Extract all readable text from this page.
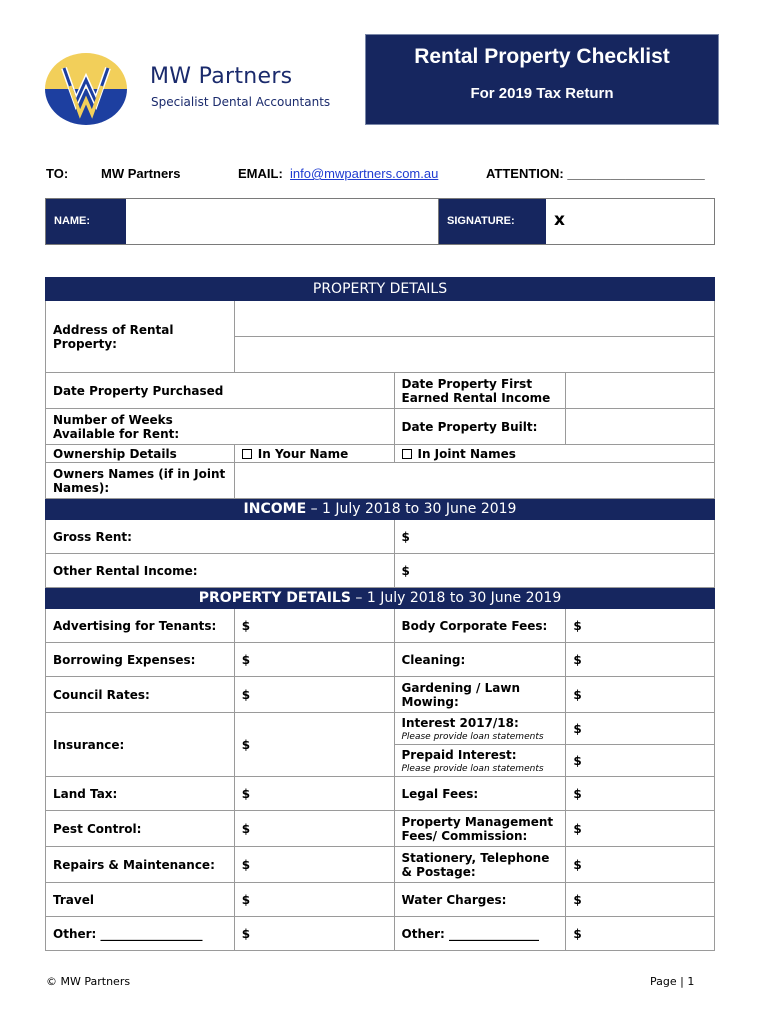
MW Partners
Specialist Dental Accountants
Rental Property Checklist
For 2019 Tax Return
TO:	MW Partners	EMAIL: info@mwpartners.com.au	ATTENTION: ___________________
NAME:	SIGNATURE:	x
PROPERTY DETAILS			
Address of Rental Property:			

Date Property Purchased		Date Property First Earned Rental Income	
Number of Weeks Available for Rent:		Date Property Built:	
Ownership Details	In Your Name	In Joint Names	
Owners Names (if in Joint Names):			
INCOME – 1 July 2018 to 30 June 2019			
Gross Rent:		$	
Other Rental Income:		$	
PROPERTY DETAILS – 1 July 2018 to 30 June 2019			
Advertising for Tenants:	$	Body Corporate Fees:	$
Borrowing Expenses:	$	Cleaning:	$
Council Rates:	$	Gardening / Lawn Mowing:	$
Insurance:	$	Interest 2017/18:
Please provide loan statements	$
		Prepaid Interest:
Please provide loan statements	$
Land Tax:	$	Legal Fees:	$
Pest Control:	$	Property Management Fees/ Commission:	$
Repairs & Maintenance:	$	Stationery, Telephone & Postage:	$
Travel	$	Water Charges:	$
Other: _________________	$	Other: _______________	$
© MW Partners	Page | 1
